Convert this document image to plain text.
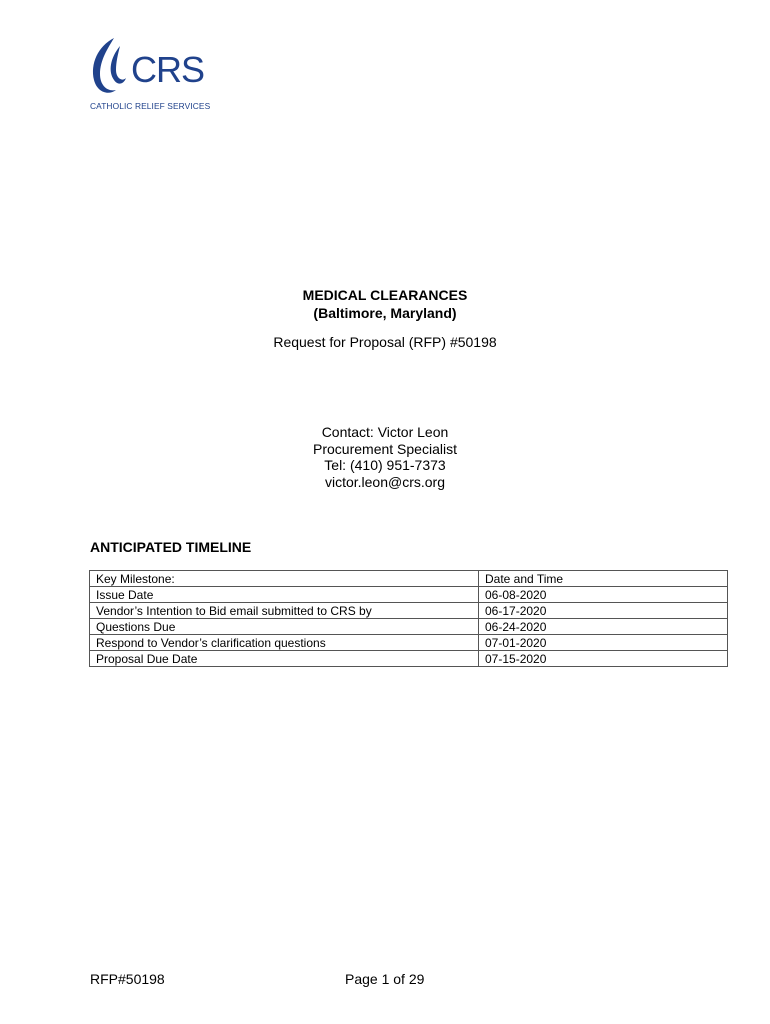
CRS
CATHOLIC RELIEF SERVICES
MEDICAL CLEARANCES
(Baltimore, Maryland)
Request for Proposal (RFP) #50198
Contact: Victor Leon
Procurement Specialist
Tel: (410) 951-7373
victor.leon@crs.org
ANTICIPATED TIMELINE
Key Milestone:	Date and Time
Issue Date	06-08-2020
Vendor’s Intention to Bid email submitted to CRS by	06-17-2020
Questions Due	06-24-2020
Respond to Vendor’s clarification questions	07-01-2020
Proposal Due Date	07-15-2020
RFP#50198	Page 1 of 29
